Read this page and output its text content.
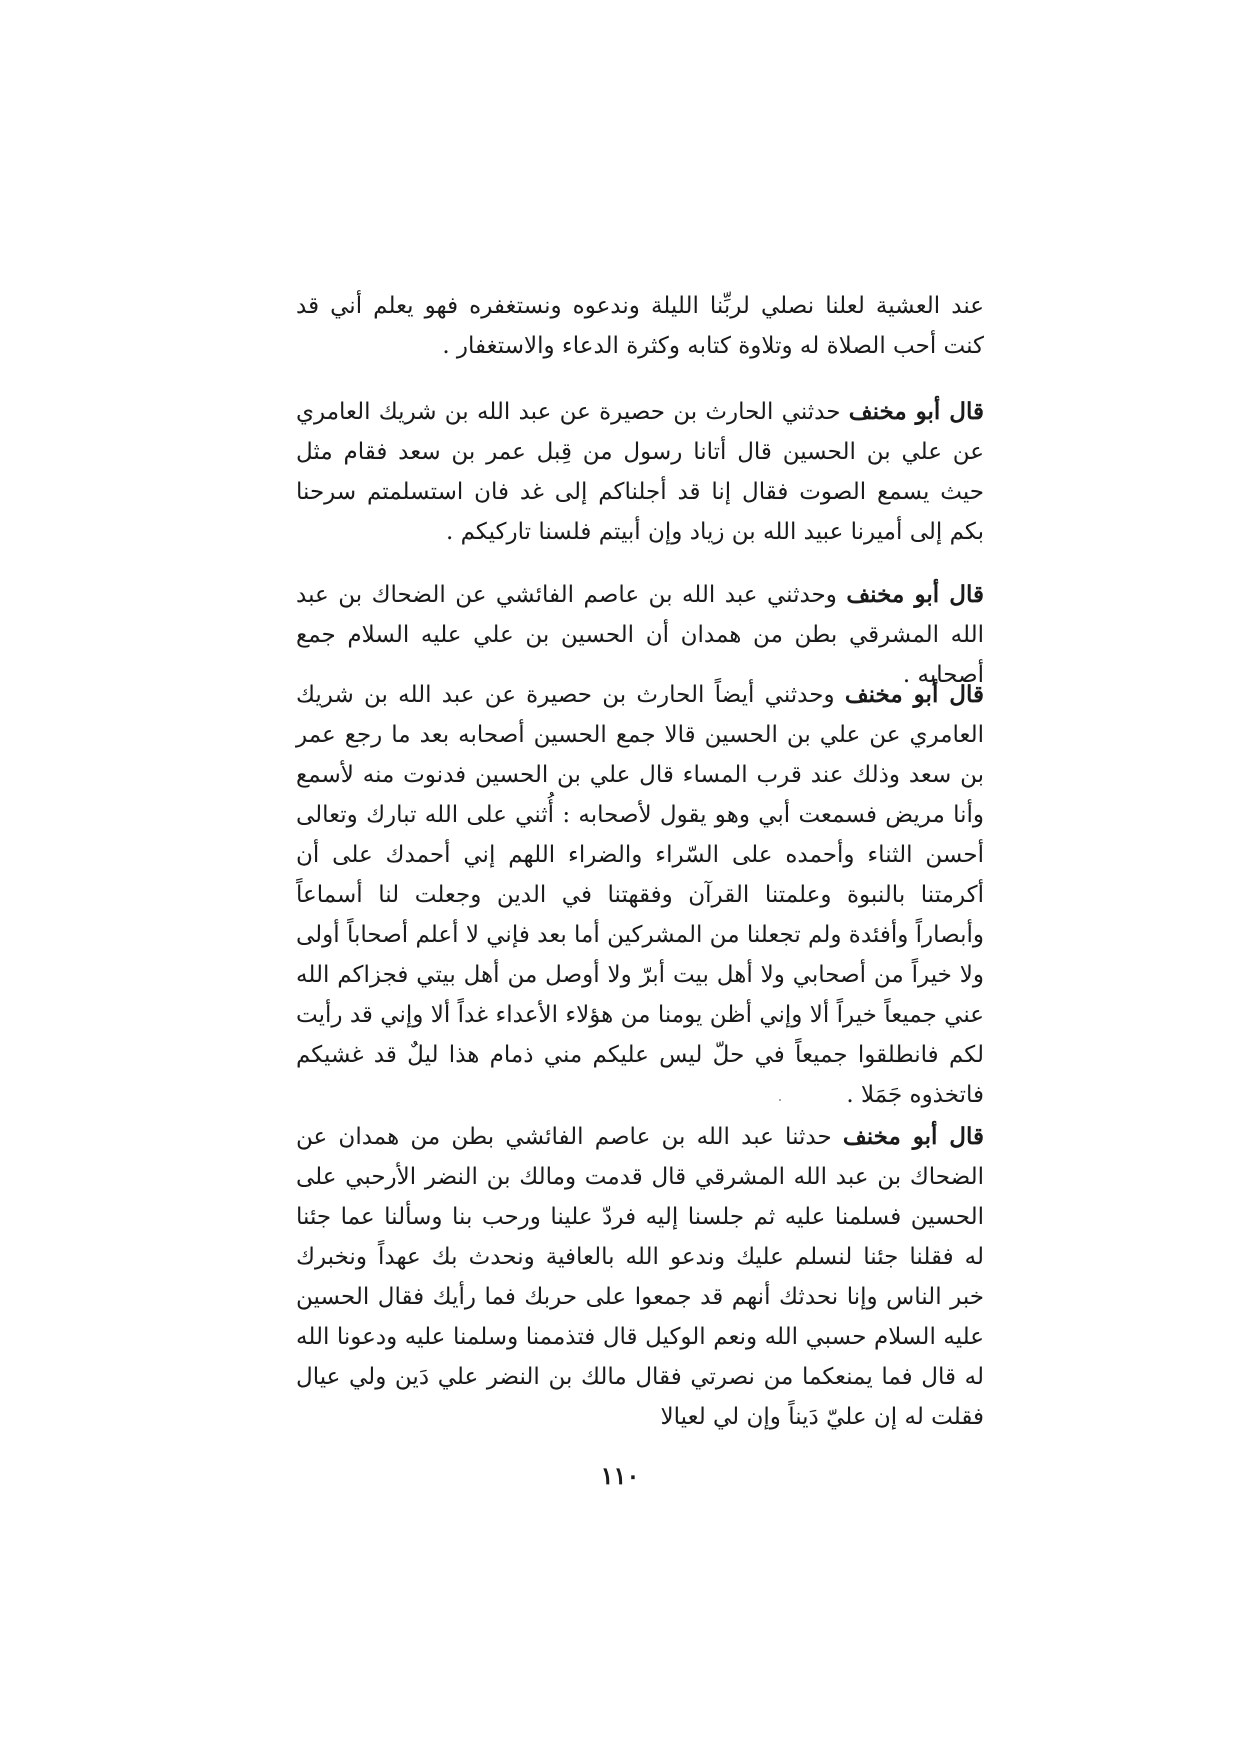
عند العشية لعلنا نصلي لربِّنا الليلة وندعوه ونستغفره فهو يعلم أني قد كنت أحب الصلاة له وتلاوة كتابه وكثرة الدعاء والاستغفار .

قال أبو مخنف حدثني الحارث بن حصيرة عن عبد الله بن شريك العامري عن علي بن الحسين قال أتانا رسول من قِبل عمر بن سعد فقام مثل حيث يسمع الصوت فقال إنا قد أجلناكم إلى غد فان استسلمتم سرحنا بكم إلى أميرنا عبيد الله بن زياد وإن أبيتم فلسنا تاركيكم .

قال أبو مخنف وحدثني عبد الله بن عاصم الفائشي عن الضحاك بن عبد الله المشرقي بطن من همدان أن الحسين بن علي عليه السلام جمع أصحابه .

قال أبو مخنف وحدثني أيضاً الحارث بن حصيرة عن عبد الله بن شريك العامري عن علي بن الحسين قالا جمع الحسين أصحابه بعد ما رجع عمر بن سعد وذلك عند قرب المساء قال علي بن الحسين فدنوت منه لأسمع وأنا مريض فسمعت أبي وهو يقول لأصحابه : أُثني على الله تبارك وتعالى أحسن الثناء وأحمده على السّراء والضراء اللهم إني أحمدك على أن أكرمتنا بالنبوة وعلمتنا القرآن وفقهتنا في الدين وجعلت لنا أسماعاً وأبصاراً وأفئدة ولم تجعلنا من المشركين أما بعد فإني لا أعلم أصحاباً أولى ولا خيراً من أصحابي ولا أهل بيت أبرّ ولا أوصل من أهل بيتي فجزاكم الله عني جميعاً خيراً ألا وإني أظن يومنا من هؤلاء الأعداء غداً ألا وإني قد رأيت لكم فانطلقوا جميعاً في حلّ ليس عليكم مني ذمام هذا ليلٌ قد غشيكم فاتخذوه جَمَلا .

قال أبو مخنف حدثنا عبد الله بن عاصم الفائشي بطن من همدان عن الضحاك بن عبد الله المشرقي قال قدمت ومالك بن النضر الأرحبي على الحسين فسلمنا عليه ثم جلسنا إليه فردّ علينا ورحب بنا وسألنا عما جئنا له فقلنا جئنا لنسلم عليك وندعو الله بالعافية ونحدث بك عهداً ونخبرك خبر الناس وإنا نحدثك أنهم قد جمعوا على حربك فما رأيك فقال الحسين عليه السلام حسبي الله ونعم الوكيل قال فتذممنا وسلمنا عليه ودعونا الله له قال فما يمنعكما من نصرتي فقال مالك بن النضر علي دَين ولي عيال فقلت له إن عليّ دَيناً وإن لي لعيالا

١١٠
